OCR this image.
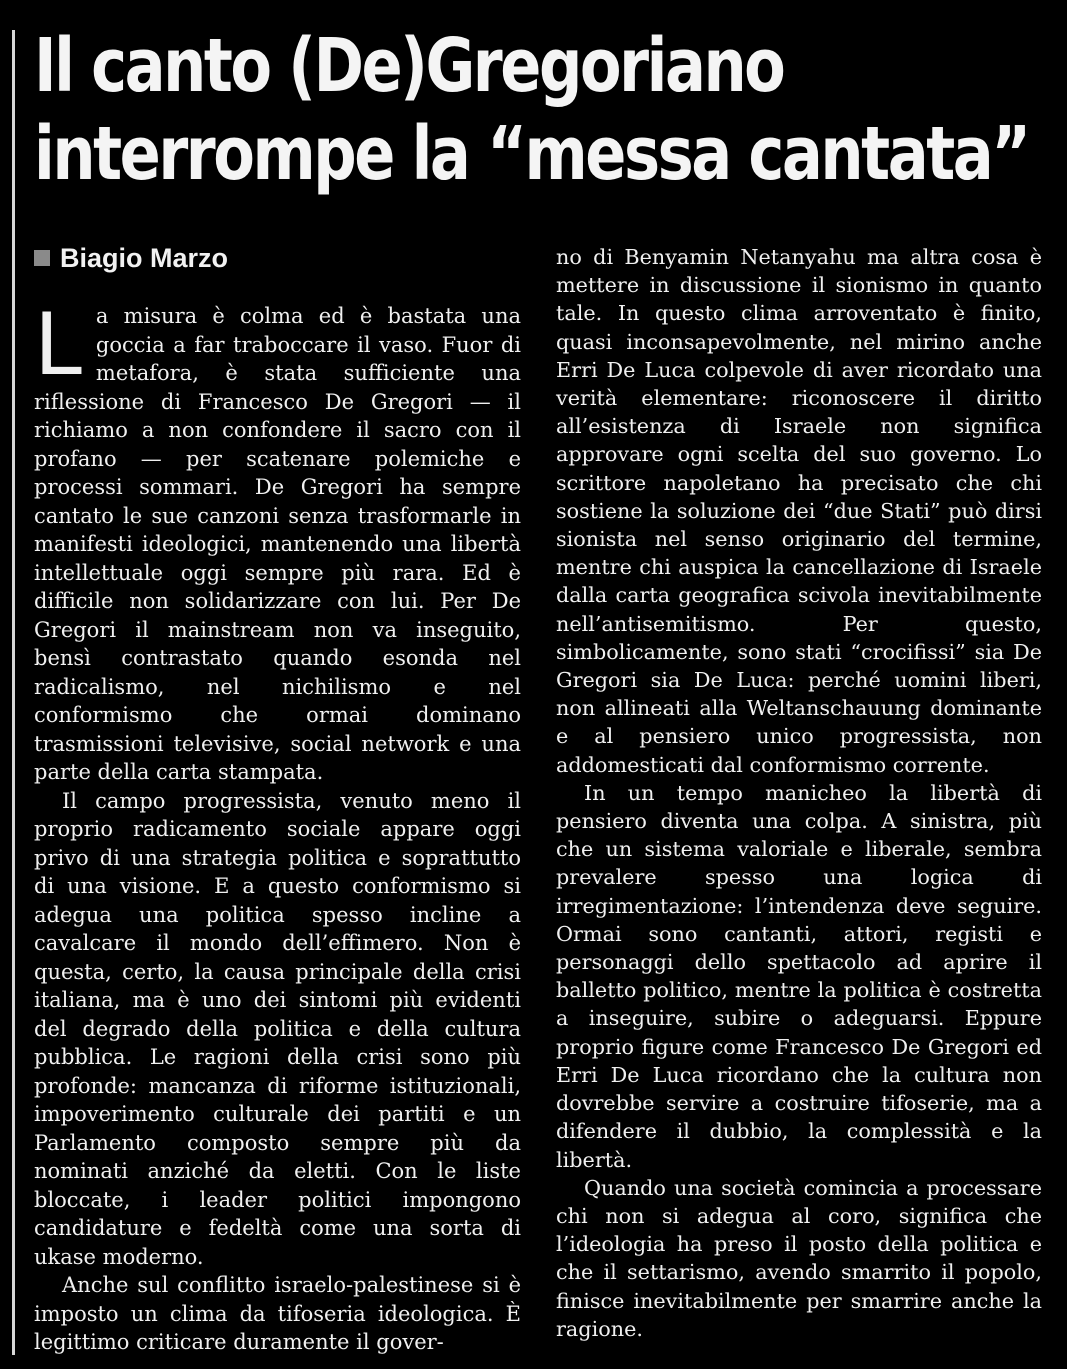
Il canto (De)Gregoriano
interrompe la “messa cantata”
Biagio Marzo

La misura è colma ed è bastata una goccia a far traboccare il vaso. Fuor di metafora, è stata sufficiente una riflessione di Francesco De Gregori — il richiamo a non confondere il sacro con il profano — per scatenare polemiche e processi sommari. De Gregori ha sempre cantato le sue canzoni senza trasformarle in manifesti ideologici, mantenendo una libertà intellettuale oggi sempre più rara. Ed è difficile non solidarizzare con lui. Per De Gregori il mainstream non va inseguito, bensì contrastato quando esonda nel radicalismo, nel nichilismo e nel conformismo che ormai dominano trasmissioni televisive, social network e una parte della carta stampata.

Il campo progressista, venuto meno il proprio radicamento sociale appare oggi privo di una strategia politica e soprattutto di una visione. E a questo conformismo si adegua una politica spesso incline a cavalcare il mondo dell’effimero. Non è questa, certo, la causa principale della crisi italiana, ma è uno dei sintomi più evidenti del degrado della politica e della cultura pubblica. Le ragioni della crisi sono più profonde: mancanza di riforme istituzionali, impoverimento culturale dei partiti e un Parlamento composto sempre più da nominati anziché da eletti. Con le liste bloccate, i leader politici impongono candidature e fedeltà come una sorta di ukase moderno.

Anche sul conflitto israelo-palestinese si è imposto un clima da tifoseria ideologica. È legittimo criticare duramente il gover-

no di Benyamin Netanyahu ma altra cosa è mettere in discussione il sionismo in quanto tale. In questo clima arroventato è finito, quasi inconsapevolmente, nel mirino anche Erri De Luca colpevole di aver ricordato una verità elementare: riconoscere il diritto all’esistenza di Israele non significa approvare ogni scelta del suo governo. Lo scrittore napoletano ha precisato che chi sostiene la soluzione dei “due Stati” può dirsi sionista nel senso originario del termine, mentre chi auspica la cancellazione di Israele dalla carta geografica scivola inevitabilmente nell’antisemitismo. Per questo, simbolicamente, sono stati “crocifissi” sia De Gregori sia De Luca: perché uomini liberi, non allineati alla Weltanschauung dominante e al pensiero unico progressista, non addomesticati dal conformismo corrente.

In un tempo manicheo la libertà di pensiero diventa una colpa. A sinistra, più che un sistema valoriale e liberale, sembra prevalere spesso una logica di irregimentazione: l’intendenza deve seguire. Ormai sono cantanti, attori, registi e personaggi dello spettacolo ad aprire il balletto politico, mentre la politica è costretta a inseguire, subire o adeguarsi. Eppure proprio figure come Francesco De Gregori ed Erri De Luca ricordano che la cultura non dovrebbe servire a costruire tifoserie, ma a difendere il dubbio, la complessità e la libertà.

Quando una società comincia a processare chi non si adegua al coro, significa che l’ideologia ha preso il posto della politica e che il settarismo, avendo smarrito il popolo, finisce inevitabilmente per smarrire anche la ragione.
